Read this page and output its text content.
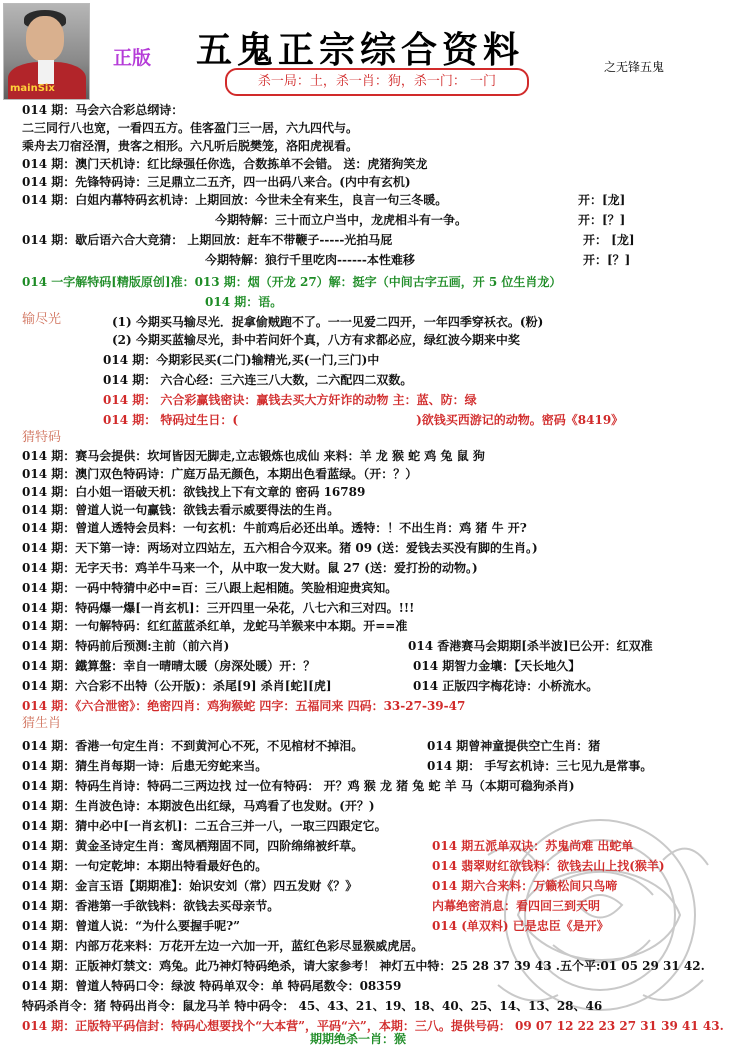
mainSix
正版 五鬼正宗综合资料	之无锋五鬼
杀一局：土，杀一肖：狗，杀一门： 一门
014 期：马会六合彩总纲诗：
二三同行八也宽，一看四五方。佳客盈门三一居，六九四代与。
乘舟去刀宿泾渭，贵客之相形。六凡听后脱樊笼，洛阳虎视看。
014 期：澳门天机诗：红比绿强任你选，合数拣单不会错。 送：虎猪狗笑龙
014 期：先锋特码诗：三足鼎立二五齐，四一出码八来合。(内中有玄机)
014 期：白姐内幕特码玄机诗：上期回放：今世未全有来生，良言一句三冬暖。	开：[龙]
今期特解：三十而立户当中，龙虎相斗有一争。	开：[？]
014 期：歇后语六合大竞猜： 上期回放：赶车不带鞭子-----光拍马屁	开： [龙]
今期特解：狼行千里吃肉------本性难移	开：[？]
014 一字解特码[精版原创]准：013 期：烟（开龙 27）解：挺字（中间古字五画，开 5 位生肖龙）
014 期：语。
输尽光	(1) 今期买马输尽光．捉拿偷贼跑不了。一一见爱二四开，一年四季穿袄衣。(粉)
(2) 今期买蓝输尽光，卦中若问奸个真，八方有求都必应，绿红波今期来中奖
014 期：今期彩民买(二门)输精光,买(一门,三门)中
014 期： 六合心经：三六连三八大数，二六配四二双数。
014 期： 六合彩赢钱密诀：赢钱去买大方奸诈的动物 主：蓝、防：绿
014 期： 特码过生日：(	)欲钱买西游记的动物。密码《8419》
猜特码
014 期：赛马会提供：坎坷皆因无脚走,立志锻炼也成仙 来料：羊 龙 猴 蛇 鸡 兔 鼠 狗
014 期：澳门双色特码诗：广庭万品无颜色，本期出色看蓝绿。（开：？）
014 期：白小姐一语破天机：欲钱找上下有文章的 密码 16789
014 期：曾道人说一句赢钱：欲钱去看示威要得法的生肖。
014 期：曾道人透特会员料：一句玄机：牛前鸡后必还出单。透特：！不出生肖：鸡 猪 牛 开?
014 期：天下第一诗：两场对立四站左，五六相合今双来。猪 09 (送：爱钱去买没有脚的生肖。)
014 期：无字天书：鸡羊牛马来一个，从中取一发大财。鼠 27 (送：爱打扮的动物。)
014 期：一码中特猜中必中=百：三八跟上起相随。笑脸相迎贵宾知。
014 期：特码爆一爆[一肖玄机]：三开四里一朵花，八七六和三对四。!!!
014 期：一句解特码：红红蓝蓝杀红单，龙蛇马羊猴来中本期。开==准
014 期：特码前后预测:主前（前六肖)	014 香港赛马会期期[杀半波]已公开：红双准
014 期：鐵算盤：幸自一晴晴太暖（房深处暖）开：？	014 期智力金壤：【天长地久】
014 期：六合彩不出特（公开版)：杀尾[9] 杀肖[蛇][虎]	014 正版四字梅花诗：小桥流水。
014 期：《六合泄密》：绝密四肖：鸡狗猴蛇 四字：五福同来 四码：33-27-39-47
猜生肖
014 期：香港一句定生肖：不到黄河心不死，不见棺材不掉泪。	014 期曾神童提供空亡生肖：猪
014 期：猜生肖每期一诗：后患无穷蛇来当。	014 期： 手写玄机诗：三七见九是常事。
014 期：特码生肖诗：特码二三两边找 过一位有特码： 开？鸡 猴 龙 猪 兔 蛇 羊 马（本期可稳狗杀肖)
014 期：生肖波色诗：本期波色出红绿，马鸡看了也发财。(开？)
014 期：猜中必中[一肖玄机]：二五合三并一八，一取三四跟定它。
014 期：黄金圣诗定生肖：鸾凤栖翔固不同，四阶绵绵被纤草。	014 期五派单双诀：苏鬼尚难 出蛇单
014 期：一句定乾坤：本期出特看最好色的。	014 翡翠财红欲钱料：欲钱去山上找(猴羊)
014 期：金言玉语【期期准】：始识安刘（常）四五发财《？》	014 期六合来料：万籁松间只鸟啼
014 期：香港第一手欲钱料：欲钱去买母亲节。	内幕绝密消息：看四回三到天明
014 期：曾道人说：“为什么要握手呢?”	014 (单双料) 已是忠臣《是开》
014 期：内部万花来料：万花开左边一六加一开，蓝红色彩尽显猴威虎居。
014 期：正版神灯禁文：鸡兔。此乃神灯特码绝杀，请大家参考！ 神灯五中特：25 28 37 39 43 .五个平:01 05 29 31 42.
014 期：曾道人特码口令：绿波 特码单双令：单 特码尾数令：08359
特码杀肖令：猪 特码出肖令：鼠龙马羊 特中码令： 45、43、21、19、18、40、25、14、13、28、46
014 期：正版特平码信封：特码心想要找个“大本营”，平码“六”，本期：三八。提供号码： 09 07 12 22 23 27 31 39 41 43.
期期绝杀一肖：猴
